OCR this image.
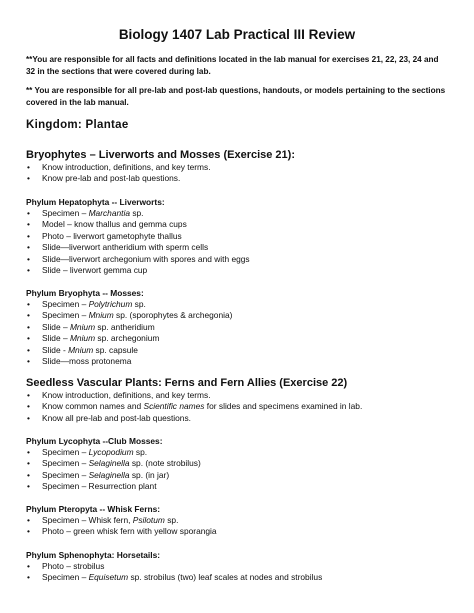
Biology 1407 Lab Practical III Review
**You are responsible for all facts and definitions located in the lab manual for exercises 21, 22, 23, 24 and 32 in the sections that were covered during lab.
** You are responsible for all pre-lab and post-lab questions, handouts, or models pertaining to the sections covered in the lab manual.
Kingdom: Plantae
Bryophytes – Liverworts and Mosses (Exercise 21):
• Know introduction, definitions, and key terms.
• Know pre-lab and post-lab questions.
Phylum Hepatophyta -- Liverworts:
• Specimen – Marchantia sp.
• Model – know thallus and gemma cups
• Photo – liverwort gametophyte thallus
• Slide—liverwort antheridium with sperm cells
• Slide—liverwort archegonium with spores and with eggs
• Slide – liverwort gemma cup
Phylum Bryophyta -- Mosses:
• Specimen – Polytrichum sp.
• Specimen – Mnium sp. (sporophytes & archegonia)
• Slide – Mnium sp. antheridium
• Slide – Mnium sp. archegonium
• Slide - Mnium sp. capsule
• Slide—moss protonema
Seedless Vascular Plants: Ferns and Fern Allies (Exercise 22)
• Know introduction, definitions, and key terms.
• Know common names and Scientific names for slides and specimens examined in lab.
• Know all pre-lab and post-lab questions.
Phylum Lycophyta --Club Mosses:
• Specimen – Lycopodium sp.
• Specimen – Selaginella sp. (note strobilus)
• Specimen – Selaginella sp. (in jar)
• Specimen – Resurrection plant
Phylum Pteropyta -- Whisk Ferns:
• Specimen – Whisk fern, Psilotum sp.
• Photo – green whisk fern with yellow sporangia
Phylum Sphenophyta: Horsetails:
• Photo – strobilus
• Specimen – Equisetum sp. strobilus (two) leaf scales at nodes and strobilus
